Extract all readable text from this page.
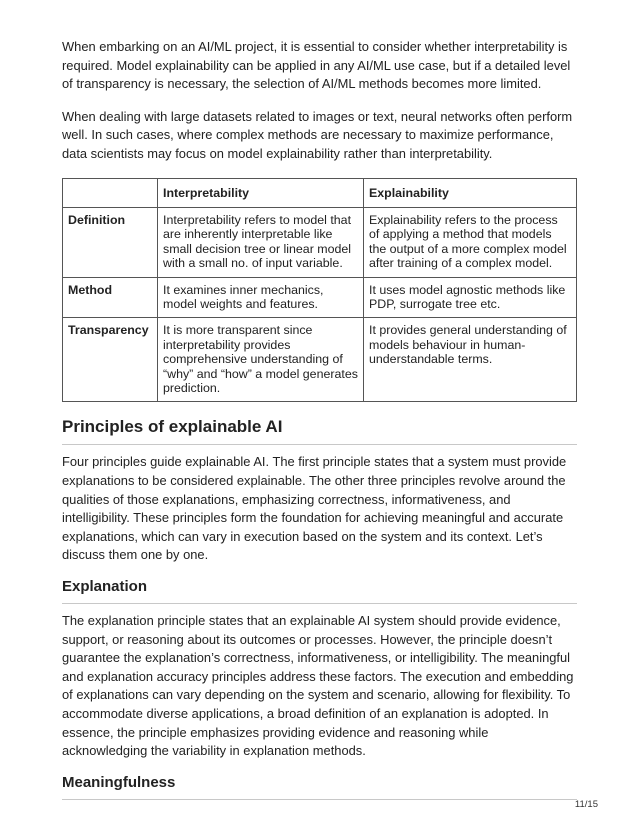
When embarking on an AI/ML project, it is essential to consider whether interpretability is required. Model explainability can be applied in any AI/ML use case, but if a detailed level of transparency is necessary, the selection of AI/ML methods becomes more limited.

When dealing with large datasets related to images or text, neural networks often perform well. In such cases, where complex methods are necessary to maximize performance, data scientists may focus on model explainability rather than interpretability.

	Interpretability	Explainability
Definition	Interpretability refers to model that are inherently interpretable like small decision tree or linear model with a small no. of input variable.	Explainability refers to the process of applying a method that models the output of a more complex model after training of a complex model.
Method	It examines inner mechanics, model weights and features.	It uses model agnostic methods like PDP, surrogate tree etc.
Transparency	It is more transparent since interpretability provides comprehensive understanding of “why” and “how” a model generates prediction.	It provides general understanding of models behaviour in human-understandable terms.
Principles of explainable AI

Four principles guide explainable AI. The first principle states that a system must provide explanations to be considered explainable. The other three principles revolve around the qualities of those explanations, emphasizing correctness, informativeness, and intelligibility. These principles form the foundation for achieving meaningful and accurate explanations, which can vary in execution based on the system and its context. Let’s discuss them one by one.

Explanation

The explanation principle states that an explainable AI system should provide evidence, support, or reasoning about its outcomes or processes. However, the principle doesn’t guarantee the explanation’s correctness, informativeness, or intelligibility. The meaningful and explanation accuracy principles address these factors. The execution and embedding of explanations can vary depending on the system and scenario, allowing for flexibility. To accommodate diverse applications, a broad definition of an explanation is adopted. In essence, the principle emphasizes providing evidence and reasoning while acknowledging the variability in explanation methods.

Meaningfulness
11/15
